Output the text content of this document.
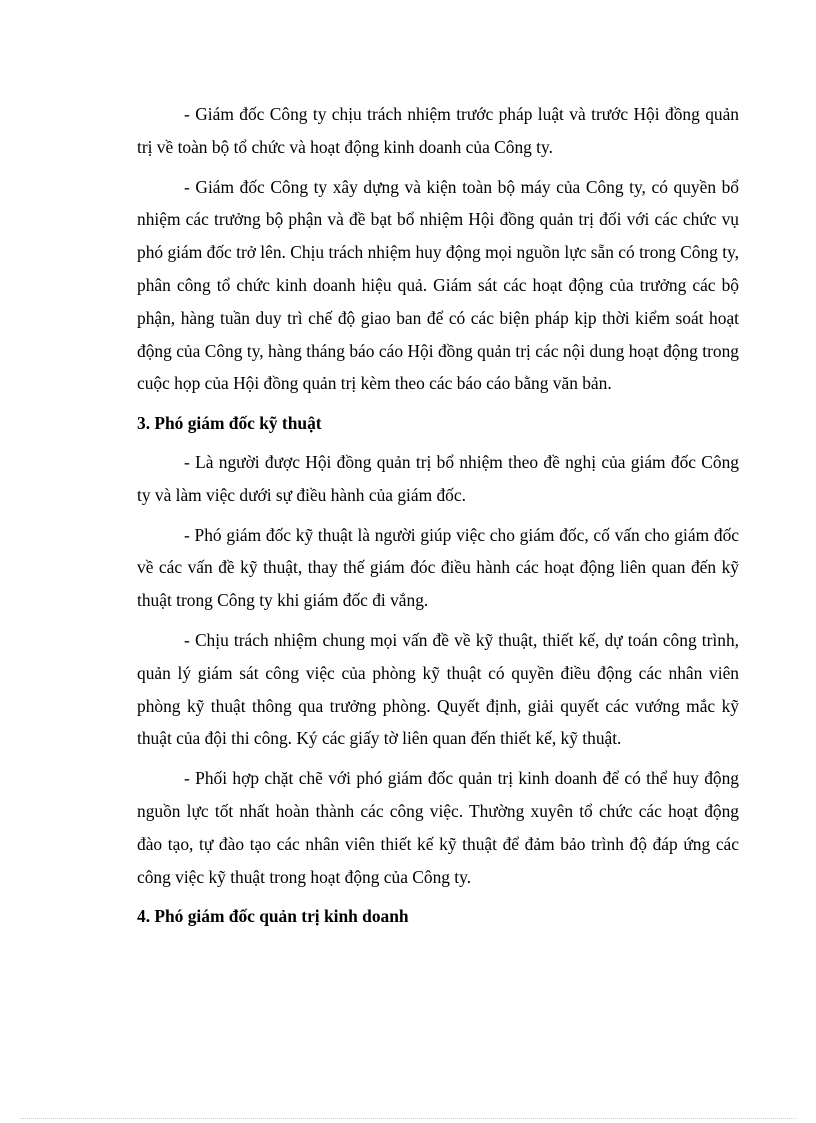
- Giám đốc Công ty chịu trách nhiệm trước pháp luật và trước Hội đồng quản trị về toàn bộ tổ chức và hoạt động kinh doanh của Công ty.

- Giám đốc Công ty xây dựng và kiện toàn bộ máy của Công ty, có quyền bổ nhiệm các trưởng bộ phận và đề bạt bổ nhiệm Hội đồng quản trị đối với các chức vụ phó giám đốc trở lên. Chịu trách nhiệm huy động mọi nguồn lực sẵn có trong Công ty, phân công tổ chức kinh doanh hiệu quả. Giám sát các hoạt động của trưởng các bộ phận, hàng tuần duy trì chế độ giao ban để có các biện pháp kịp thời kiểm soát hoạt động của Công ty, hàng tháng báo cáo Hội đồng quản trị các nội dung hoạt động trong cuộc họp của Hội đồng quản trị kèm theo các báo cáo bằng văn bản.

3. Phó giám đốc kỹ thuật

- Là người được Hội đồng quản trị bổ nhiệm theo đề nghị của giám đốc Công ty và làm việc dưới sự điều hành của giám đốc.

- Phó giám đốc kỹ thuật là người giúp việc cho giám đốc, cố vấn cho giám đốc về các vấn đề kỹ thuật, thay thế giám đóc điều hành các hoạt động liên quan đến kỹ thuật trong Công ty khi giám đốc đi vắng.

- Chịu trách nhiệm chung mọi vấn đề về kỹ thuật, thiết kế, dự toán công trình, quản lý giám sát công việc của phòng kỹ thuật có quyền điều động các nhân viên phòng kỹ thuật thông qua trưởng phòng. Quyết định, giải quyết các vướng mắc kỹ thuật của đội thi công. Ký các giấy tờ liên quan đến thiết kế, kỹ thuật.

- Phối hợp chặt chẽ với phó giám đốc quản trị kinh doanh để có thể huy động nguồn lực tốt nhất hoàn thành các công việc. Thường xuyên tổ chức các hoạt động đào tạo, tự đào tạo các nhân viên thiết kế kỹ thuật để đảm bảo trình độ đáp ứng các công việc kỹ thuật trong hoạt động của Công ty.

4. Phó giám đốc quản trị kinh doanh
